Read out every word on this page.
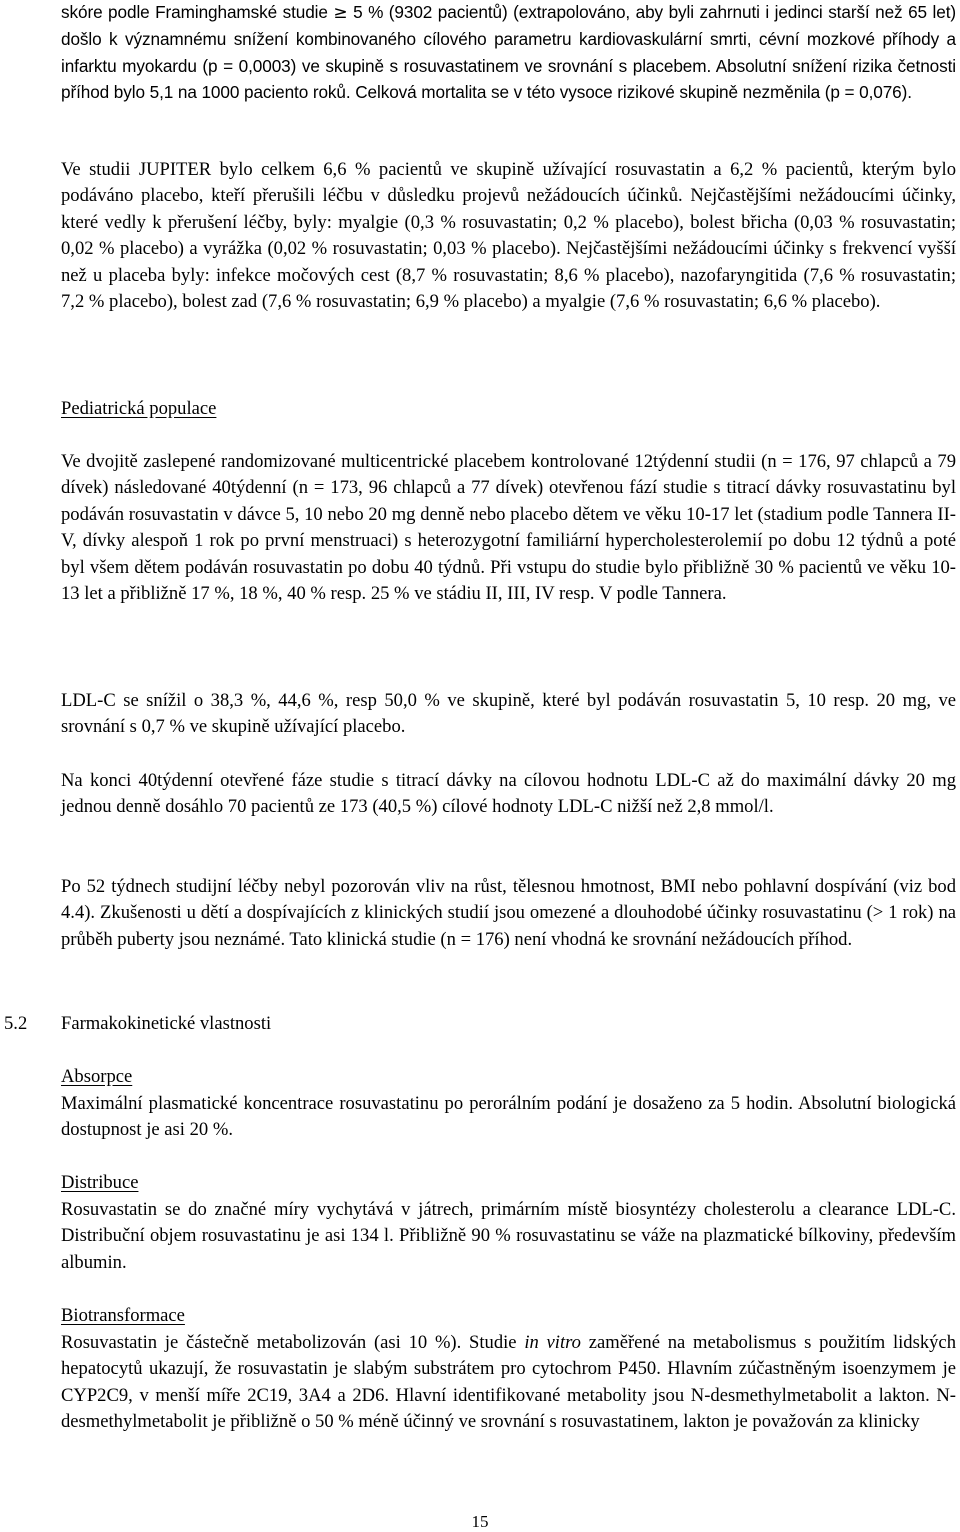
skóre podle Framinghamské studie ≥ 5 % (9302 pacientů) (extrapolováno, aby byli zahrnuti i jedinci starší než 65 let) došlo k významnému snížení kombinovaného cílového parametru kardiovaskulární smrti, cévní mozkové příhody a infarktu myokardu (p = 0,0003) ve skupině s rosuvastatinem ve srovnání s placebem. Absolutní snížení rizika četnosti příhod bylo 5,1 na 1000 paciento roků. Celková mortalita se v této vysoce rizikové skupině nezměnila (p = 0,076).

Ve studii JUPITER bylo celkem 6,6 % pacientů ve skupině užívající rosuvastatin a 6,2 % pacientů, kterým bylo podáváno placebo, kteří přerušili léčbu v důsledku projevů nežádoucích účinků. Nejčastějšími nežádoucími účinky, které vedly k přerušení léčby, byly: myalgie (0,3 % rosuvastatin; 0,2 % placebo), bolest břicha (0,03 % rosuvastatin; 0,02 % placebo) a vyrážka (0,02 % rosuvastatin; 0,03 % placebo). Nejčastějšími nežádoucími účinky s frekvencí vyšší než u placeba byly: infekce močových cest (8,7 % rosuvastatin; 8,6 % placebo), nazofaryngitida (7,6 % rosuvastatin; 7,2 % placebo), bolest zad (7,6 % rosuvastatin; 6,9 % placebo) a myalgie (7,6 % rosuvastatin; 6,6 % placebo).

Pediatrická populace

Ve dvojitě zaslepené randomizované multicentrické placebem kontrolované 12týdenní studii (n = 176, 97 chlapců a 79 dívek) následované 40týdenní (n = 173, 96 chlapců a 77 dívek) otevřenou fází studie s titrací dávky rosuvastatinu byl podáván rosuvastatin v dávce 5, 10 nebo 20 mg denně nebo placebo dětem ve věku 10-17 let (stadium podle Tannera II-V, dívky alespoň 1 rok po první menstruaci) s heterozygotní familiární hypercholesterolemií po dobu 12 týdnů a poté byl všem dětem podáván rosuvastatin po dobu 40 týdnů. Při vstupu do studie bylo přibližně 30 % pacientů ve věku 10-13 let a přibližně 17 %, 18 %, 40 % resp. 25 % ve stádiu II, III, IV resp. V podle Tannera.

LDL-C se snížil o 38,3 %, 44,6 %, resp 50,0 % ve skupině, které byl podáván rosuvastatin 5, 10 resp. 20 mg, ve srovnání s 0,7 % ve skupině užívající placebo.

Na konci 40týdenní otevřené fáze studie s titrací dávky na cílovou hodnotu LDL-C až do maximální dávky 20 mg jednou denně dosáhlo 70 pacientů ze 173 (40,5 %) cílové hodnoty LDL-C nižší než 2,8 mmol/l.

Po 52 týdnech studijní léčby nebyl pozorován vliv na růst, tělesnou hmotnost, BMI nebo pohlavní dospívání (viz bod 4.4). Zkušenosti u dětí a dospívajících z klinických studií jsou omezené a dlouhodobé účinky rosuvastatinu (> 1 rok) na průběh puberty jsou neznámé. Tato klinická studie (n = 176) není vhodná ke srovnání nežádoucích příhod.

5.2 Farmakokinetické vlastnosti

Absorpce

Maximální plasmatické koncentrace rosuvastatinu po perorálním podání je dosaženo za 5 hodin. Absolutní biologická dostupnost je asi 20 %.

Distribuce

Rosuvastatin se do značné míry vychytává v játrech, primárním místě biosyntézy cholesterolu a clearance LDL-C. Distribuční objem rosuvastatinu je asi 134 l. Přibližně 90 % rosuvastatinu se váže na plazmatické bílkoviny, především albumin.

Biotransformace

Rosuvastatin je částečně metabolizován (asi 10 %). Studie in vitro zaměřené na metabolismus s použitím lidských hepatocytů ukazují, že rosuvastatin je slabým substrátem pro cytochrom P450. Hlavním zúčastněným isoenzymem je CYP2C9, v menší míře 2C19, 3A4 a 2D6. Hlavní identifikované metabolity jsou N-desmethylmetabolit a lakton. N-desmethylmetabolit je přibližně o 50 % méně účinný ve srovnání s rosuvastatinem, lakton je považován za klinicky

15
